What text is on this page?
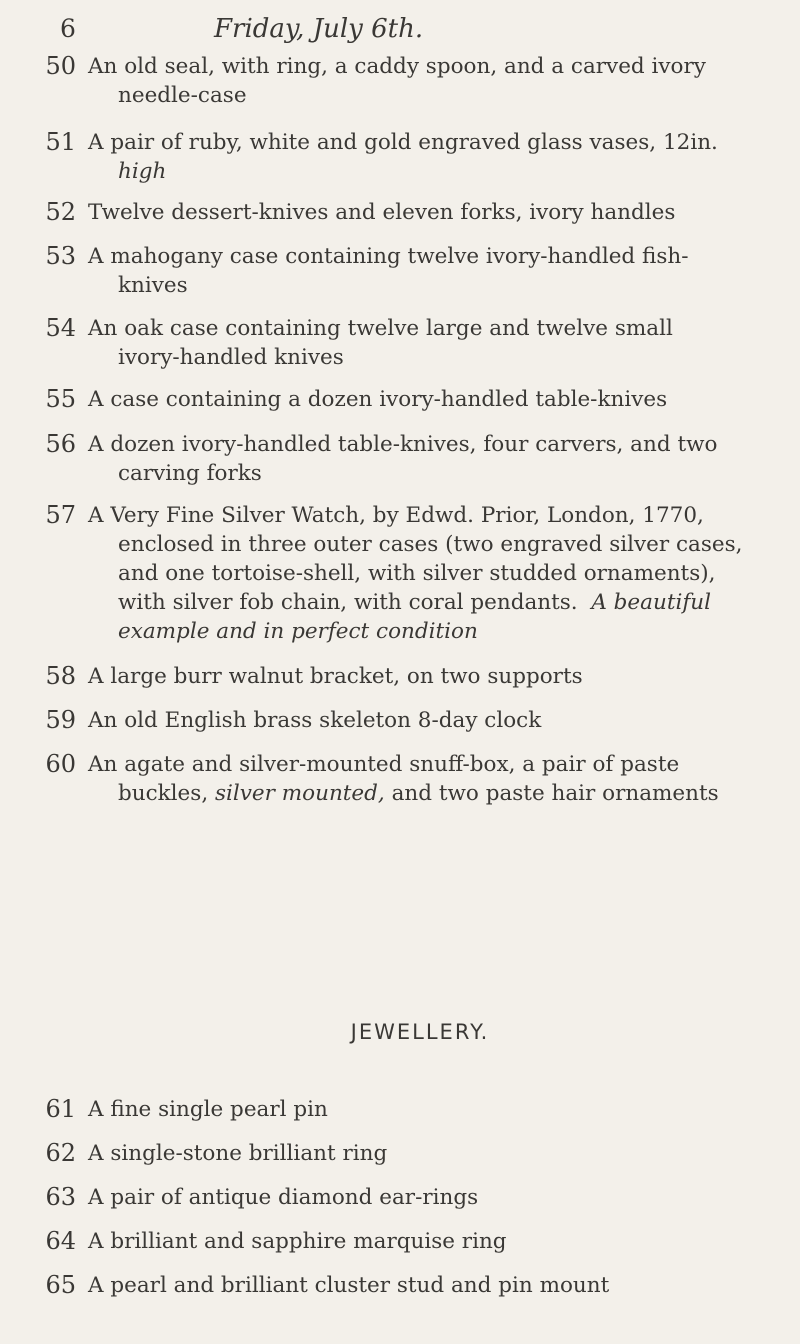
6	Friday, July 6th.
50 An old seal, with ring, a caddy spoon, and a carved ivory
needle-case
51 A pair of ruby, white and gold engraved glass vases, 12in.
high
52 Twelve dessert-knives and eleven forks, ivory handles
53 A mahogany case containing twelve ivory-handled fish-
knives
54 An oak case containing twelve large and twelve small
ivory-handled knives
55 A case containing a dozen ivory-handled table-knives
56 A dozen ivory-handled table-knives, four carvers, and two
carving forks
57 A Very Fine Silver Watch, by Edwd. Prior, London, 1770,
enclosed in three outer cases (two engraved silver cases,
and one tortoise-shell, with silver studded ornaments),
with silver fob chain, with coral pendants. A beautiful
example and in perfect condition
58 A large burr walnut bracket, on two supports
59 An old English brass skeleton 8-day clock
60 An agate and silver-mounted snuff-box, a pair of paste
buckles, silver mounted, and two paste hair ornaments
JEWELLERY.
61 A fine single pearl pin
62 A single-stone brilliant ring
63 A pair of antique diamond ear-rings
64 A brilliant and sapphire marquise ring
65 A pearl and brilliant cluster stud and pin mount
